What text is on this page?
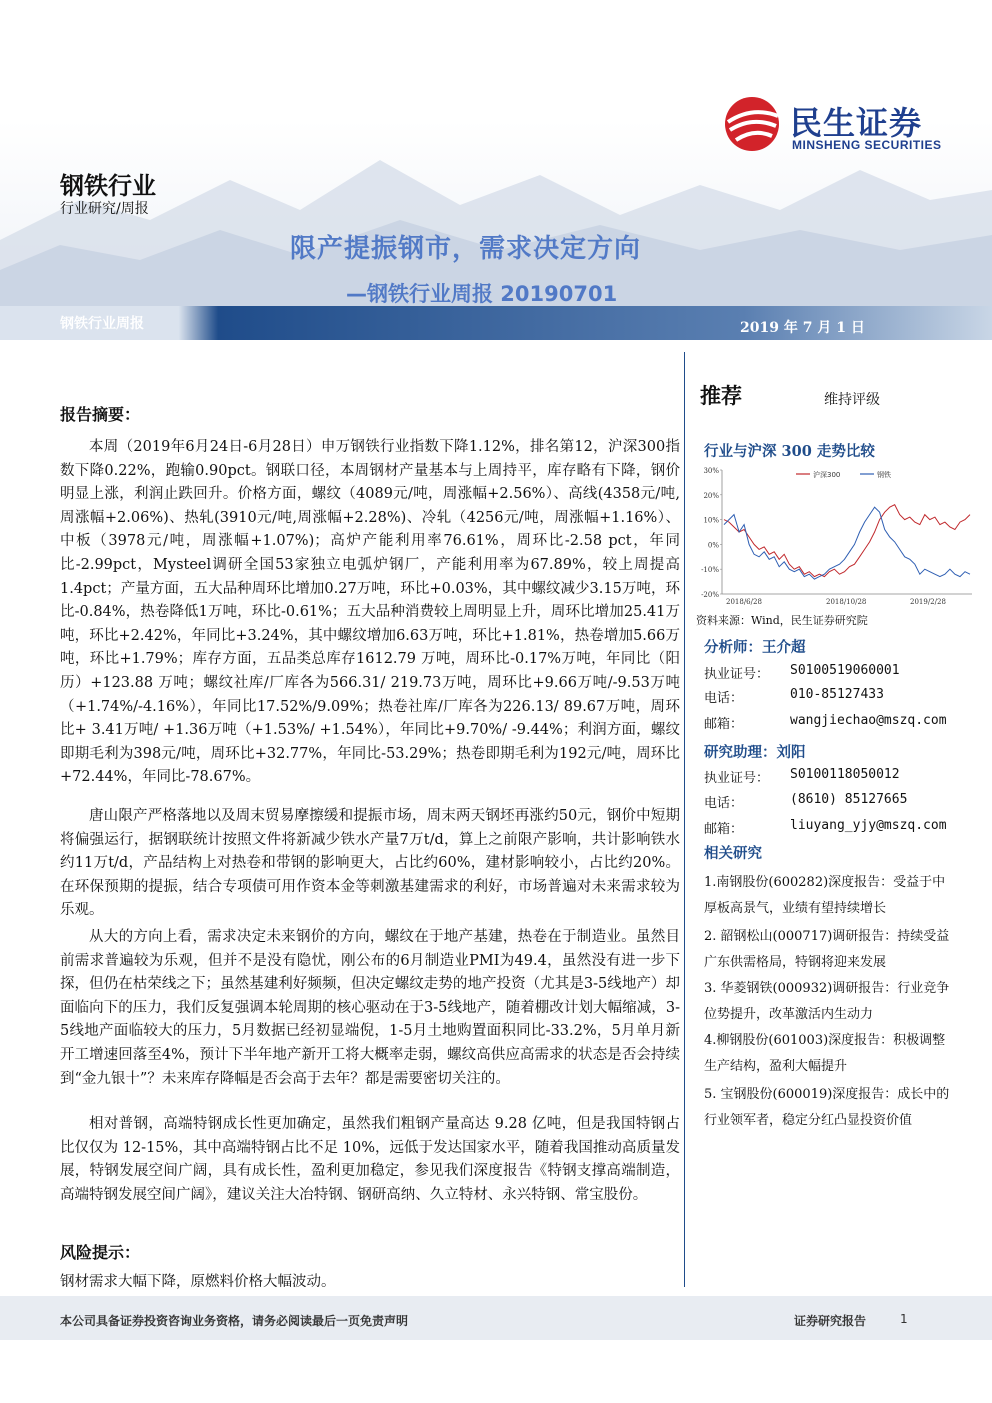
民生证券
MINSHENG SECURITIES
钢铁行业
行业研究/周报
限产提振钢市，需求决定方向
—钢铁行业周报 20190701
钢铁行业周报	2019 年 7 月 1 日
报告摘要：

本周（2019年6月24日-6月28日）申万钢铁行业指数下降1.12%，排名第12，沪深300指数下降0.22%，跑输0.90pct。钢联口径，本周钢材产量基本与上周持平，库存略有下降，钢价明显上涨，利润止跌回升。价格方面，螺纹（4089元/吨，周涨幅+2.56%）、高线(4358元/吨,周涨幅+2.06%)、热轧(3910元/吨,周涨幅+2.28%)、冷轧（4256元/吨，周涨幅+1.16%）、中板（3978元/吨，周涨幅+1.07%)；高炉产能利用率76.61%，周环比-2.58 pct，年同比-2.99pct，Mysteel调研全国53家独立电弧炉钢厂，产能利用率为67.89%，较上周提高1.4pct；产量方面，五大品种周环比增加0.27万吨，环比+0.03%，其中螺纹减少3.15万吨，环比-0.84%，热卷降低1万吨，环比-0.61%；五大品种消费较上周明显上升，周环比增加25.41万吨，环比+2.42%，年同比+3.24%，其中螺纹增加6.63万吨，环比+1.81%，热卷增加5.66万吨，环比+1.79%；库存方面，五品类总库存1612.79 万吨，周环比-0.17%万吨，年同比（阳历）+123.88 万吨；螺纹社库/厂库各为566.31/ 219.73万吨，周环比+9.66万吨/-9.53万吨（+1.74%/-4.16%），年同比17.52%/9.09%；热卷社库/厂库各为226.13/ 89.67万吨，周环比+ 3.41万吨/ +1.36万吨（+1.53%/ +1.54%），年同比+9.70%/ -9.44%；利润方面，螺纹即期毛利为398元/吨，周环比+32.77%，年同比-53.29%；热卷即期毛利为192元/吨，周环比+72.44%，年同比-78.67%。

唐山限产严格落地以及周末贸易摩擦缓和提振市场，周末两天钢坯再涨约50元，钢价中短期将偏强运行，据钢联统计按照文件将新减少铁水产量7万t/d，算上之前限产影响，共计影响铁水约11万t/d，产品结构上对热卷和带钢的影响更大，占比约60%，建材影响较小，占比约20%。在环保预期的提振，结合专项债可用作资本金等刺激基建需求的利好，市场普遍对未来需求较为乐观。

从大的方向上看，需求决定未来钢价的方向，螺纹在于地产基建，热卷在于制造业。虽然目前需求普遍较为乐观，但并不是没有隐忧，刚公布的6月制造业PMI为49.4，虽然没有进一步下探，但仍在枯荣线之下；虽然基建利好频频，但决定螺纹走势的地产投资（尤其是3-5线地产）却面临向下的压力，我们反复强调本轮周期的核心驱动在于3-5线地产，随着棚改计划大幅缩减，3-5线地产面临较大的压力，5月数据已经初显端倪，1-5月土地购置面积同比-33.2%，5月单月新开工增速回落至4%，预计下半年地产新开工将大概率走弱，螺纹高供应高需求的状态是否会持续到“金九银十”？未来库存降幅是否会高于去年？都是需要密切关注的。

相对普钢，高端特钢成长性更加确定，虽然我们粗钢产量高达 9.28 亿吨，但是我国特钢占比仅仅为 12-15%，其中高端特钢占比不足 10%，远低于发达国家水平，随着我国推动高质量发展，特钢发展空间广阔，具有成长性，盈利更加稳定，参见我们深度报告《特钢支撑高端制造，高端特钢发展空间广阔》，建议关注大冶特钢、钢研高纳、久立特材、永兴特钢、常宝股份。

风险提示：
钢材需求大幅下降，原燃料价格大幅波动。
推荐	维持评级
行业与沪深 300 走势比较
30%
20%
10%
0%
-10%
-20%
2018/6/28	2018/10/28	2019/2/28
沪深300	钢铁
资料来源：Wind，民生证券研究院
分析师：王介超
执业证号： S0100519060001
电话：	010-85127433
邮箱：	wangjiechao@mszq.com
研究助理：刘阳
执业证号： S0100118050012
电话：	(8610) 85127665
邮箱：	liuyang_yjy@mszq.com
相关研究

1.南钢股份(600282)深度报告：受益于中厚板高景气，业绩有望持续增长

2. 韶钢松山(000717)调研报告：持续受益广东供需格局，特钢将迎来发展

3. 华菱钢铁(000932)调研报告：行业竞争位势提升，改革激活内生动力

4.柳钢股份(601003)深度报告：积极调整生产结构，盈利大幅提升

5. 宝钢股份(600019)深度报告：成长中的行业领军者，稳定分红凸显投资价值

本公司具备证券投资咨询业务资格，请务必阅读最后一页免责声明	证券研究报告	1
